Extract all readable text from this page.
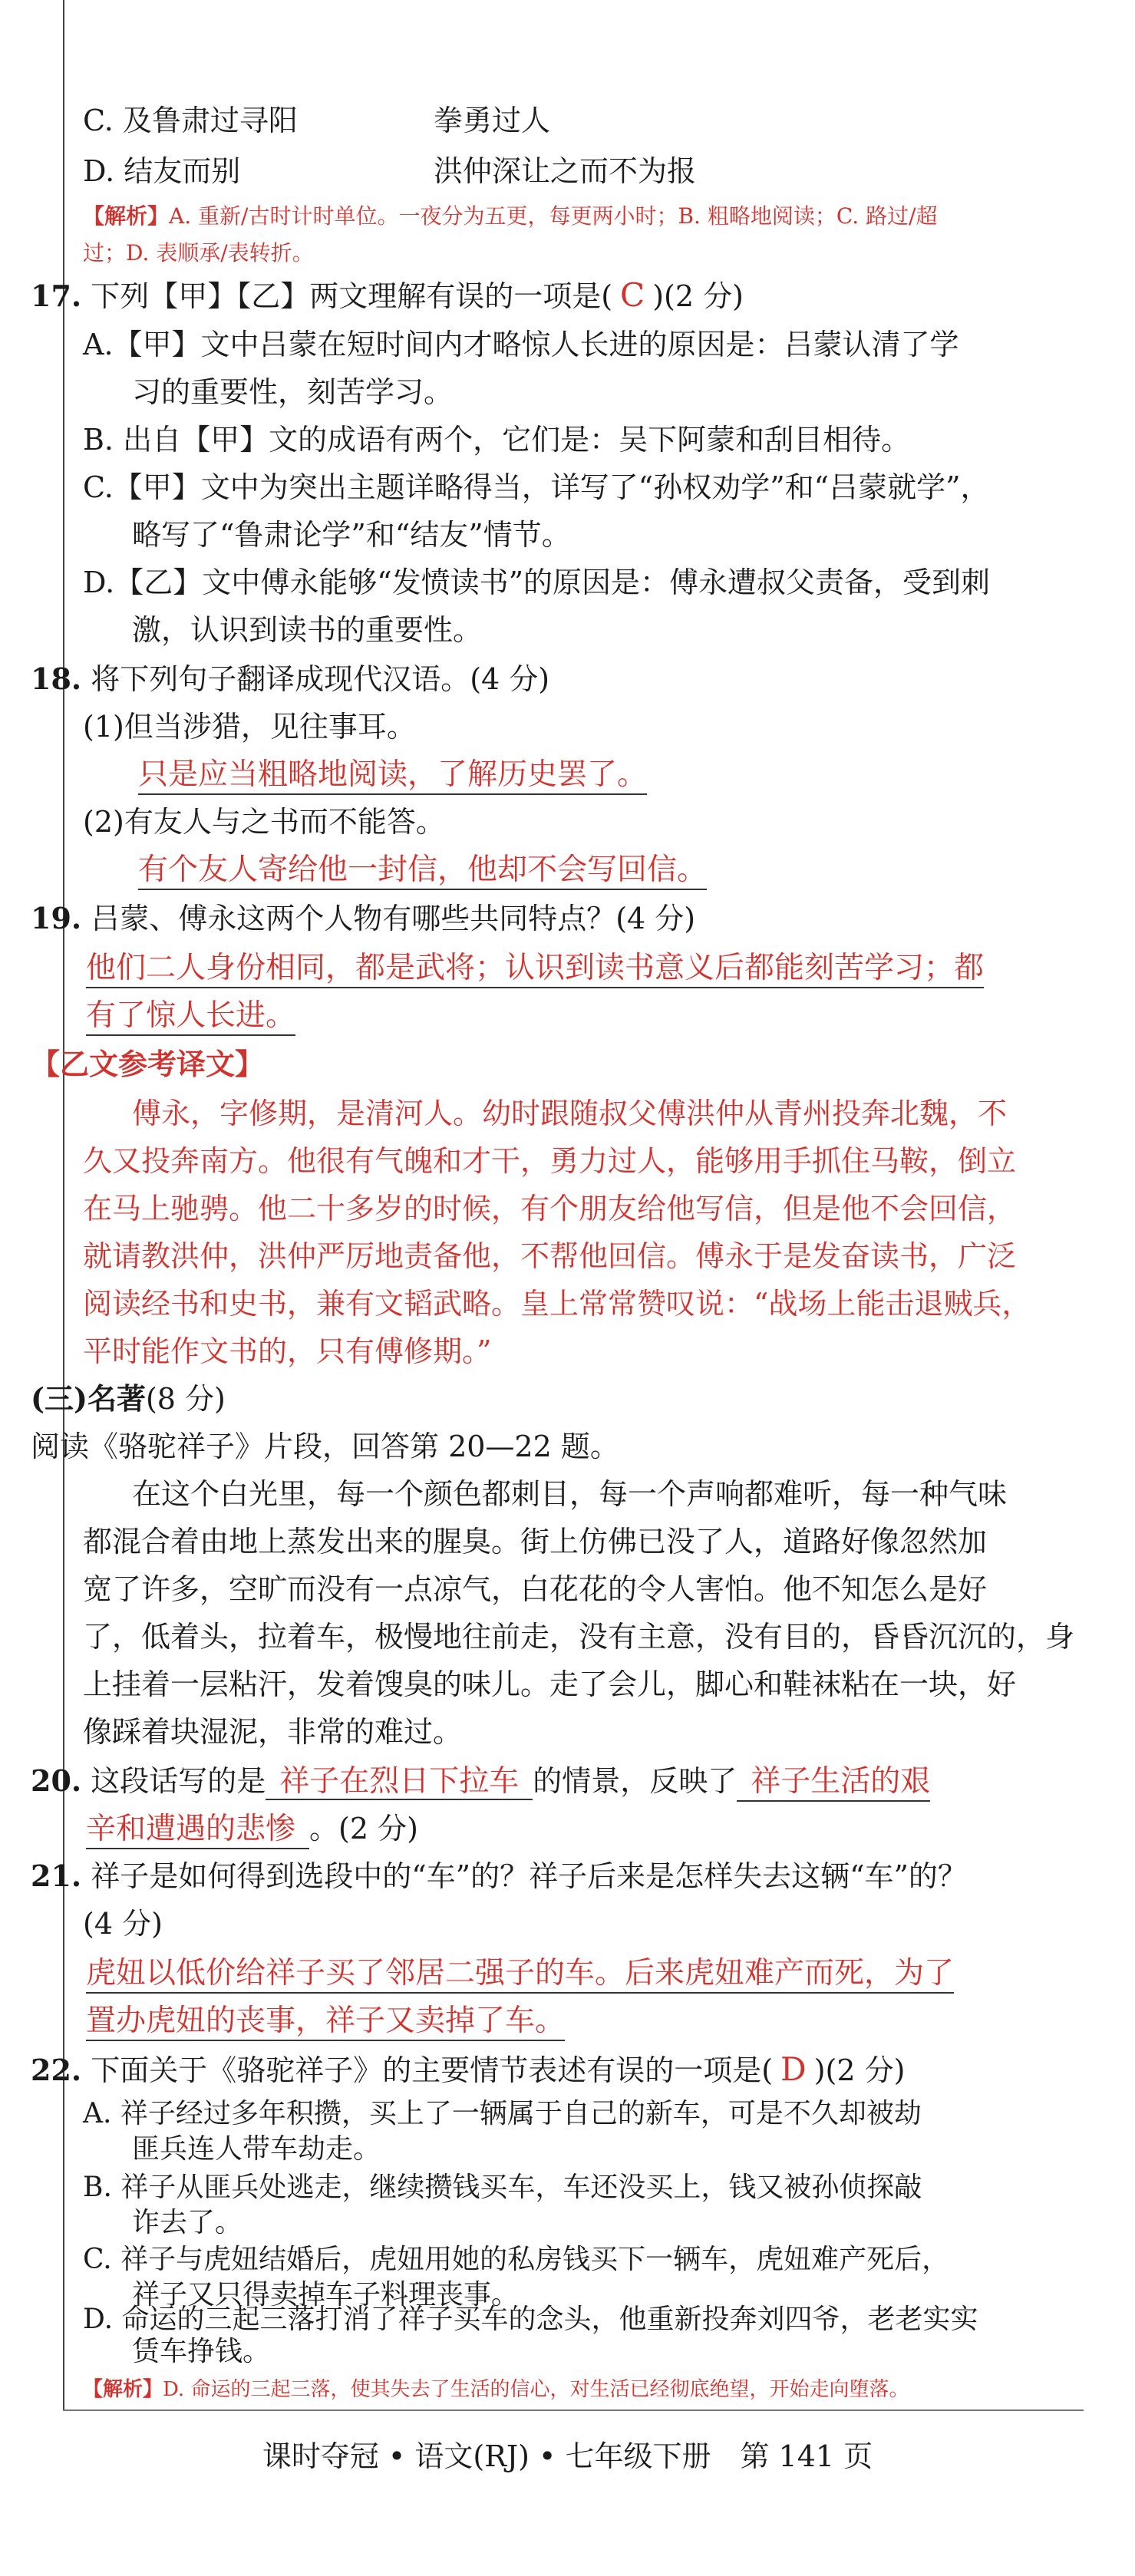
C. 及鲁肃过寻阳	拳勇过人
D. 结友而别	洪仲深让之而不为报
【解析】A. 重新/古时计时单位。一夜分为五更，每更两小时；B. 粗略地阅读；C. 路过/超
过；D. 表顺承/表转折。
17. 下列【甲】【乙】两文理解有误的一项是( C )(2 分)
A.【甲】文中吕蒙在短时间内才略惊人长进的原因是：吕蒙认清了学
习的重要性，刻苦学习。
B. 出自【甲】文的成语有两个，它们是：吴下阿蒙和刮目相待。
C.【甲】文中为突出主题详略得当，详写了“孙权劝学”和“吕蒙就学”，
略写了“鲁肃论学”和“结友”情节。
D.【乙】文中傅永能够“发愤读书”的原因是：傅永遭叔父责备，受到刺
激，认识到读书的重要性。
18. 将下列句子翻译成现代汉语。(4 分)
(1)但当涉猎，见往事耳。
只是应当粗略地阅读，了解历史罢了。
(2)有友人与之书而不能答。
有个友人寄给他一封信，他却不会写回信。
19. 吕蒙、傅永这两个人物有哪些共同特点？(4 分)
他们二人身份相同，都是武将；认识到读书意义后都能刻苦学习；都
有了惊人长进。
【乙文参考译文】
傅永，字修期，是清河人。幼时跟随叔父傅洪仲从青州投奔北魏，不
久又投奔南方。他很有气魄和才干，勇力过人，能够用手抓住马鞍，倒立
在马上驰骋。他二十多岁的时候，有个朋友给他写信，但是他不会回信，
就请教洪仲，洪仲严厉地责备他，不帮他回信。傅永于是发奋读书，广泛
阅读经书和史书，兼有文韬武略。皇上常常赞叹说：“战场上能击退贼兵，
平时能作文书的，只有傅修期。”
(三)名著(8 分)
阅读《骆驼祥子》片段，回答第 20—22 题。
在这个白光里，每一个颜色都刺目，每一个声响都难听，每一种气味
都混合着由地上蒸发出来的腥臭。街上仿佛已没了人，道路好像忽然加
宽了许多，空旷而没有一点凉气，白花花的令人害怕。他不知怎么是好
了，低着头，拉着车，极慢地往前走，没有主意，没有目的，昏昏沉沉的，身
上挂着一层粘汗，发着馊臭的味儿。走了会儿，脚心和鞋袜粘在一块，好
像踩着块湿泥，非常的难过。
20. 这段话写的是 祥子在烈日下拉车 的情景，反映了 祥子生活的艰
辛和遭遇的悲惨 。(2 分)
21. 祥子是如何得到选段中的“车”的？祥子后来是怎样失去这辆“车”的？
(4 分)
虎妞以低价给祥子买了邻居二强子的车。后来虎妞难产而死，为了
置办虎妞的丧事，祥子又卖掉了车。
22. 下面关于《骆驼祥子》的主要情节表述有误的一项是( D )(2 分)
A. 祥子经过多年积攒，买上了一辆属于自己的新车，可是不久却被劫
匪兵连人带车劫走。
B. 祥子从匪兵处逃走，继续攒钱买车，车还没买上，钱又被孙侦探敲
诈去了。
C. 祥子与虎妞结婚后，虎妞用她的私房钱买下一辆车，虎妞难产死后，
祥子又只得卖掉车子料理丧事。
课时夺冠 • 语文(RJ) • 七年级下册　第 141 页
D. 命运的三起三落打消了祥子买车的念头，他重新投奔刘四爷，老老实实
赁车挣钱。
【解析】D. 命运的三起三落，使其失去了生活的信心，对生活已经彻底绝望，开始走向堕落。
